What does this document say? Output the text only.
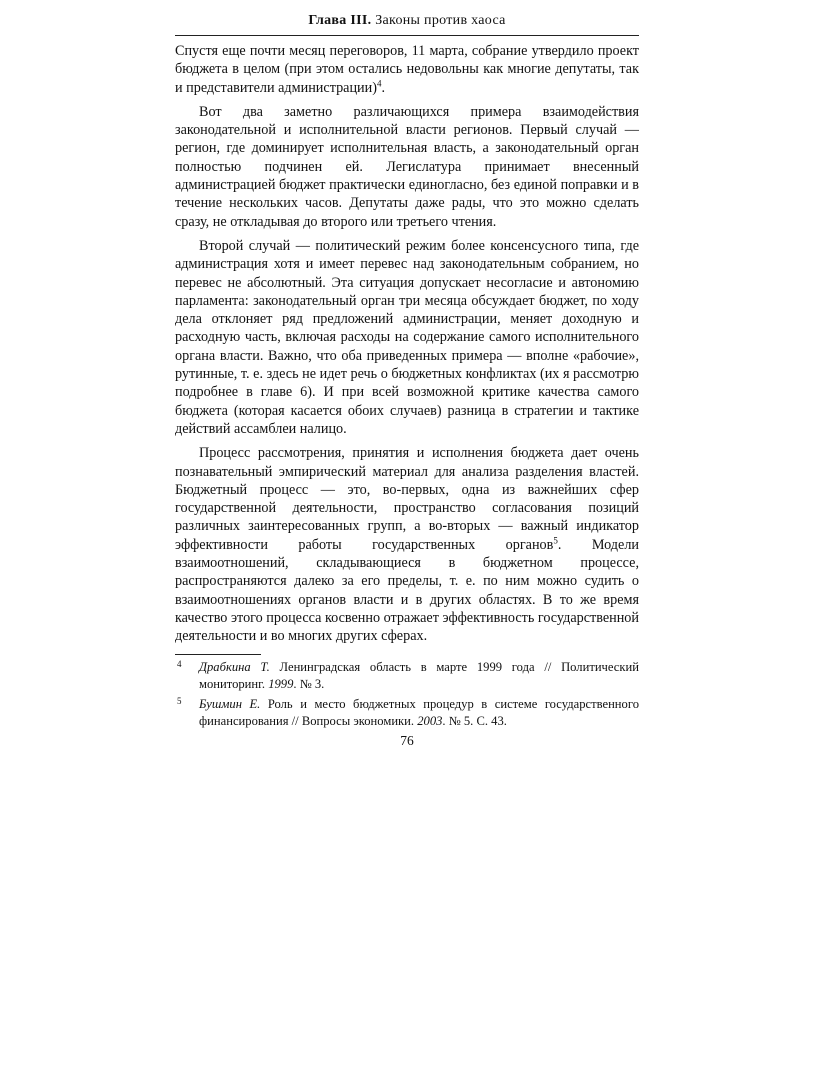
Глава III. Законы против хаоса

Спустя еще почти месяц переговоров, 11 марта, собрание утвердило проект бюджета в целом (при этом остались недовольны как многие депутаты, так и представители администрации)$^4$.

Вот два заметно различающихся примера взаимодействия законодательной и исполнительной власти регионов. Первый случай — регион, где доминирует исполнительная власть, а законодательный орган полностью подчинен ей. Легислатура принимает внесенный администрацией бюджет практически единогласно, без единой поправки и в течение нескольких часов. Депутаты даже рады, что это можно сделать сразу, не откладывая до второго или третьего чтения.

Второй случай — политический режим более консенсусного типа, где администрация хотя и имеет перевес над законодательным собранием, но перевес не абсолютный. Эта ситуация допускает несогласие и автономию парламента: законодательный орган три месяца обсуждает бюджет, по ходу дела отклоняет ряд предложений администрации, меняет доходную и расходную часть, включая расходы на содержание самого исполнительного органа власти. Важно, что оба приведенных примера — вполне «рабочие», рутинные, т. е. здесь не идет речь о бюджетных конфликтах (их я рассмотрю подробнее в главе 6). И при всей возможной критике качества самого бюджета (которая касается обоих случаев) разница в стратегии и тактике действий ассамблеи налицо.

Процесс рассмотрения, принятия и исполнения бюджета дает очень познавательный эмпирический материал для анализа разделения властей. Бюджетный процесс — это, во-первых, одна из важнейших сфер государственной деятельности, пространство согласования позиций различных заинтересованных групп, а во-вторых — важный индикатор эффективности работы государственных органов$^5$. Модели взаимоотношений, складывающиеся в бюджетном процессе, распространяются далеко за его пределы, т. е. по ним можно судить о взаимоотношениях органов власти и в других областях. В то же время качество этого процесса косвенно отражает эффективность государственной деятельности и во многих других сферах.

4 Драбкина Т. Ленинградская область в марте 1999 года // Политический мониторинг. 1999. № 3.
5 Бушмин Е. Роль и место бюджетных процедур в системе государственного финансирования // Вопросы экономики. 2003. № 5. С. 43.
76
